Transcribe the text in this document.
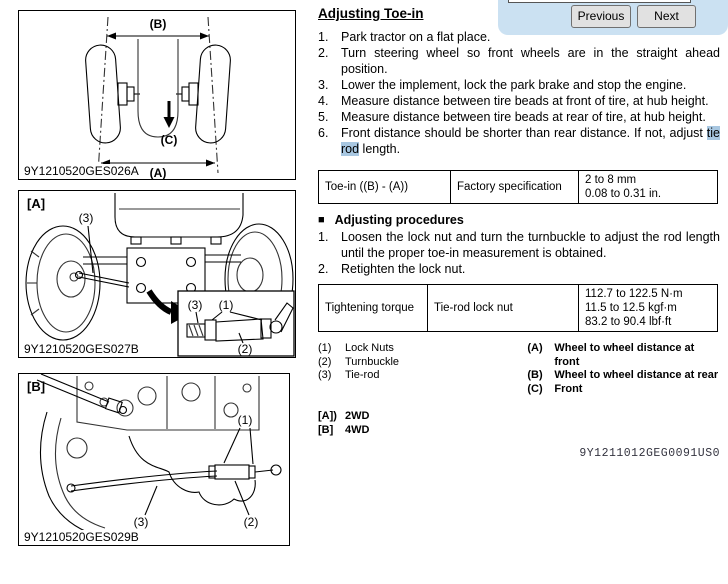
Previous	Next
(B)
(C)
(A)
9Y1210520GES026A
(3)
(3) (1)
(2)
[A]
9Y1210520GES027B
(1)
(2)
(3)
[B]
9Y1210520GES029B
Adjusting Toe-in
1.	Park tractor on a flat place.
2.	Turn steering wheel so front wheels are in the straight ahead position.
3.	Lower the implement, lock the park brake and stop the engine.
4.	Measure distance between tire beads at front of tire, at hub height.
5.	Measure distance between tire beads at rear of tire, at hub height.
6.	Front distance should be shorter than rear distance. If not, adjust tie rod length.
Toe-in ((B) - (A))	Factory specification	
2 to 8 mm
0.08 to 0.31 in.
■ Adjusting procedures
1.	Loosen the lock nut and turn the turnbuckle to adjust the rod length until the proper toe-in measurement is obtained.
2.	Retighten the lock nut.
Tightening torque	Tie-rod lock nut	
112.7 to 122.5 N·m
11.5 to 12.5 kgf·m
83.2 to 90.4 lbf·ft
(1)	Lock Nuts
(2)	Turnbuckle
(3)	Tie-rod
(A)	Wheel to wheel distance at front
(B)	Wheel to wheel distance at rear
(C)	Front
[A]) 2WD
[B]	4WD
9Y1211012GEG0091US0
